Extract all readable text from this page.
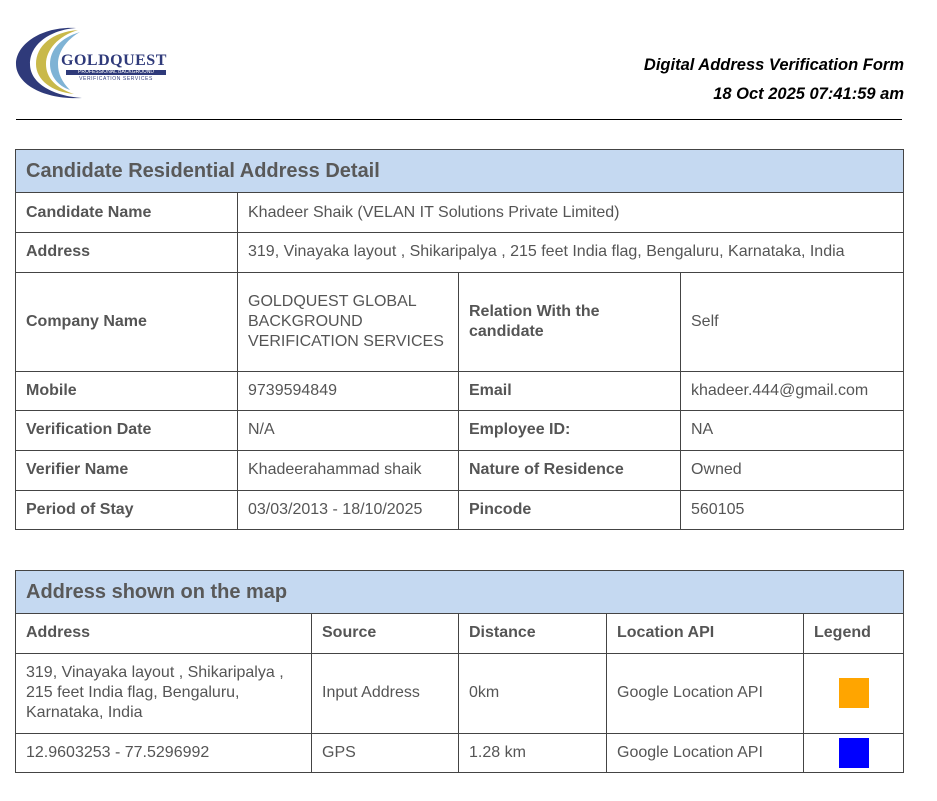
GOLDQUEST
PROFESSIONAL BACKGROUND
VERIFICATION SERVICES
Digital Address Verification Form
18 Oct 2025 07:41:59 am
Candidate Residential Address Detail			
Candidate Name	Khadeer Shaik (VELAN IT Solutions Private Limited)		
Address	319, Vinayaka layout , Shikaripalya , 215 feet India flag, Bengaluru, Karnataka, India		
Company Name	GOLDQUEST GLOBAL BACKGROUND VERIFICATION SERVICES	Relation With the candidate	Self
Mobile	9739594849	Email	khadeer.444@gmail.com
Verification Date	N/A	Employee ID:	NA
Verifier Name	Khadeerahammad shaik	Nature of Residence	Owned
Period of Stay	03/03/2013 - 18/10/2025	Pincode	560105
Address shown on the map				
Address	Source	Distance	Location API	Legend
319, Vinayaka layout , Shikaripalya , 215 feet India flag, Bengaluru, Karnataka, India	Input Address	0km	Google Location API	

12.9603253 - 77.5296992	GPS	1.28 km	Google Location API	
